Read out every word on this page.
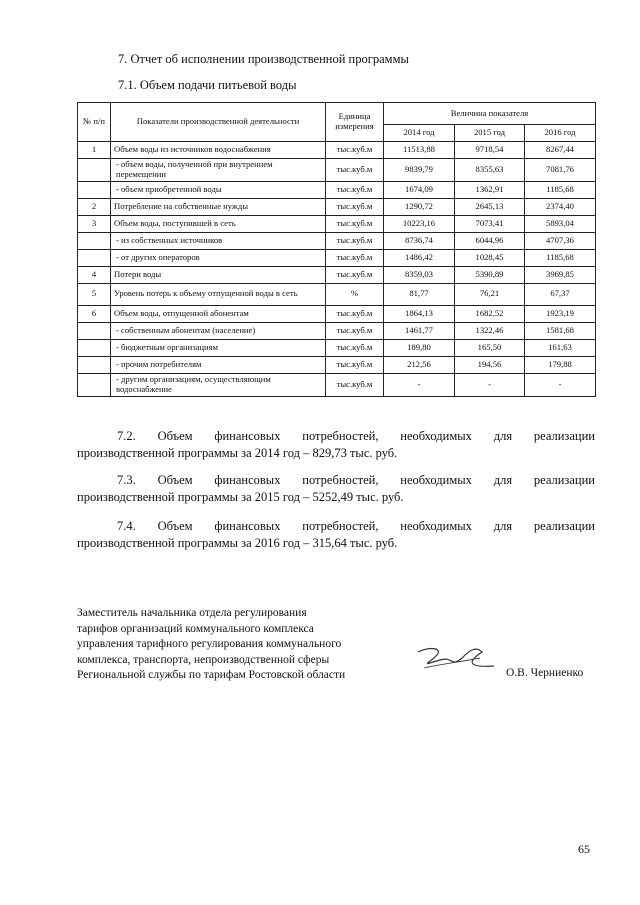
7. Отчет об исполнении производственной программы
7.1. Объем подачи питьевой воды
№ п/п	Показатели производственной деятельности	Единица измерения	Величина показателя		
			2014 год	2015 год	2016 год
1	Объем воды из источников водоснабжения	тыс.куб.м	11513,88	9718,54	8267,44
	- объем воды, полученной при внутреннем перемещении	тыс.куб.м	9839,79	8355,63	7081,76
	- объем приобретенной воды	тыс.куб.м	1674,09	1362,91	1185,68
2	Потребление на собственные нужды	тыс.куб.м	1290,72	2645,13	2374,40
3	Объем воды, поступившей в сеть	тыс.куб.м	10223,16	7073,41	5893,04
	- из собственных источников	тыс.куб.м	8736,74	6044,96	4707,36
	- от других операторов	тыс.куб.м	1486,42	1028,45	1185,68
4	Потери воды	тыс.куб.м	8359,03	5390,89	3969,85
5	Уровень потерь к объему отпущенной воды в сеть	%	81,77	76,21	67,37
6	Объем воды, отпущенной абонентам	тыс.куб.м	1864,13	1682,52	1923,19
	- собственным абонентам (население)	тыс.куб.м	1461,77	1322,46	1581,68
	- бюджетным организациям	тыс.куб.м	189,80	165,50	161,63
	- прочим потребителям	тыс.куб.м	212,56	194,56	179,88
	- другим организациям, осуществляющим водоснабжение	тыс.куб.м	-	-	-
7.2. Объем финансовых потребностей, необходимых для реализации
производственной программы за 2014 год – 829,73 тыс. руб.
7.3. Объем финансовых потребностей, необходимых для реализации
производственной программы за 2015 год – 5252,49 тыс. руб.
7.4. Объем финансовых потребностей, необходимых для реализации
производственной программы за 2016 год – 315,64 тыс. руб.
Заместитель начальника отдела регулирования
тарифов организаций коммунального комплекса
управления тарифного регулирования коммунального
комплекса, транспорта, непроизводственной сферы
Региональной службы по тарифам Ростовской области	О.В. Черниенко
65
